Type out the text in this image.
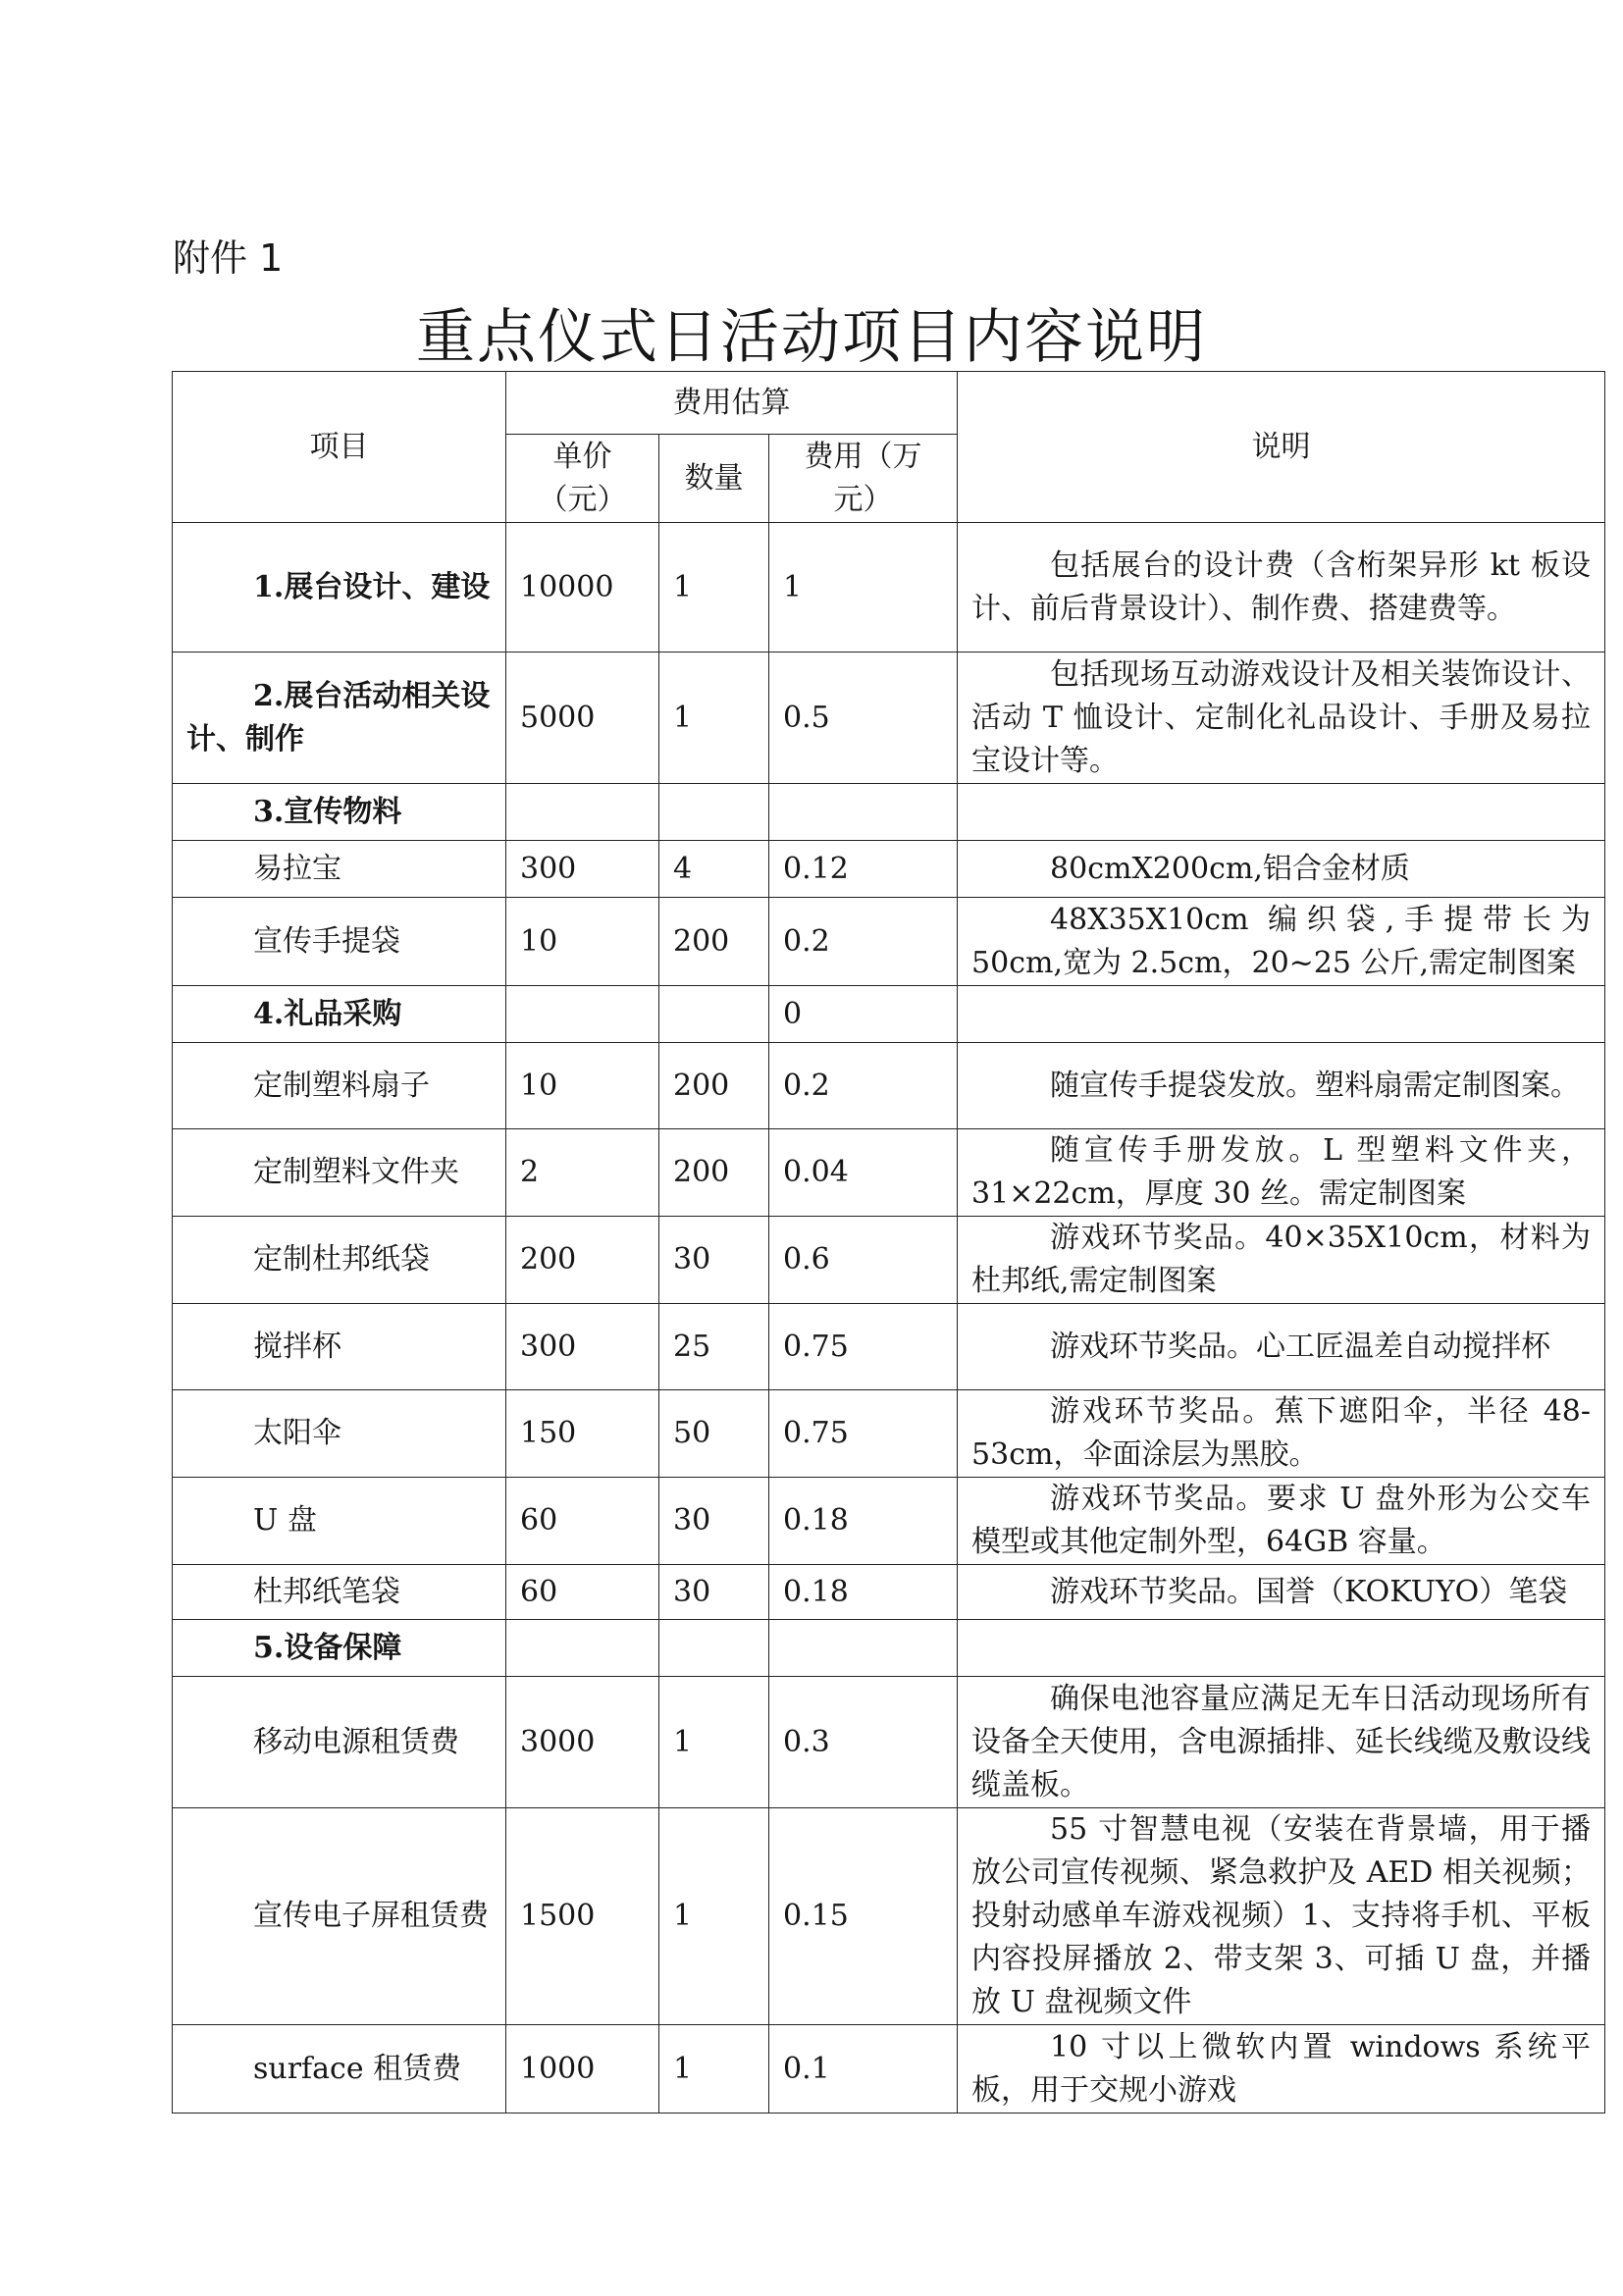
附件 1
重点仪式日活动项目内容说明
项目	费用估算			说明
	单价（元）	数量	费用（万元）	
1.展台设计、建设	10000	1	1	包括展台的设计费（含桁架异形 kt 板设计、前后背景设计）、制作费、搭建费等。
2.展台活动相关设计、制作	5000	1	0.5	包括现场互动游戏设计及相关装饰设计、活动 T 恤设计、定制化礼品设计、手册及易拉宝设计等。
3.宣传物料				
易拉宝	300	4	0.12	80cmX200cm,铝合金材质
宣传手提袋	10	200	0.2	48X35X10cm 编织袋,手提带长为 50cm,宽为 2.5cm，20~25 公斤,需定制图案
4.礼品采购			0	
定制塑料扇子	10	200	0.2	随宣传手提袋发放。塑料扇需定制图案。
定制塑料文件夹	2	200	0.04	随宣传手册发放。L 型塑料文件夹，31×22cm，厚度 30 丝。需定制图案
定制杜邦纸袋	200	30	0.6	游戏环节奖品。40×35X10cm，材料为杜邦纸,需定制图案
搅拌杯	300	25	0.75	游戏环节奖品。心工匠温差自动搅拌杯
太阳伞	150	50	0.75	游戏环节奖品。蕉下遮阳伞，半径 48-53cm，伞面涂层为黑胶。
U 盘	60	30	0.18	游戏环节奖品。要求 U 盘外形为公交车模型或其他定制外型，64GB 容量。
杜邦纸笔袋	60	30	0.18	游戏环节奖品。国誉（KOKUYO）笔袋
5.设备保障				
移动电源租赁费	3000	1	0.3	确保电池容量应满足无车日活动现场所有设备全天使用，含电源插排、延长线缆及敷设线缆盖板。
宣传电子屏租赁费	1500	1	0.15	55 寸智慧电视（安装在背景墙，用于播放公司宣传视频、紧急救护及 AED 相关视频；投射动感单车游戏视频）1、支持将手机、平板内容投屏播放 2、带支架 3、可插 U 盘，并播放 U 盘视频文件
surface 租赁费	1000	1	0.1	10 寸以上微软内置 windows 系统平板，用于交规小游戏
